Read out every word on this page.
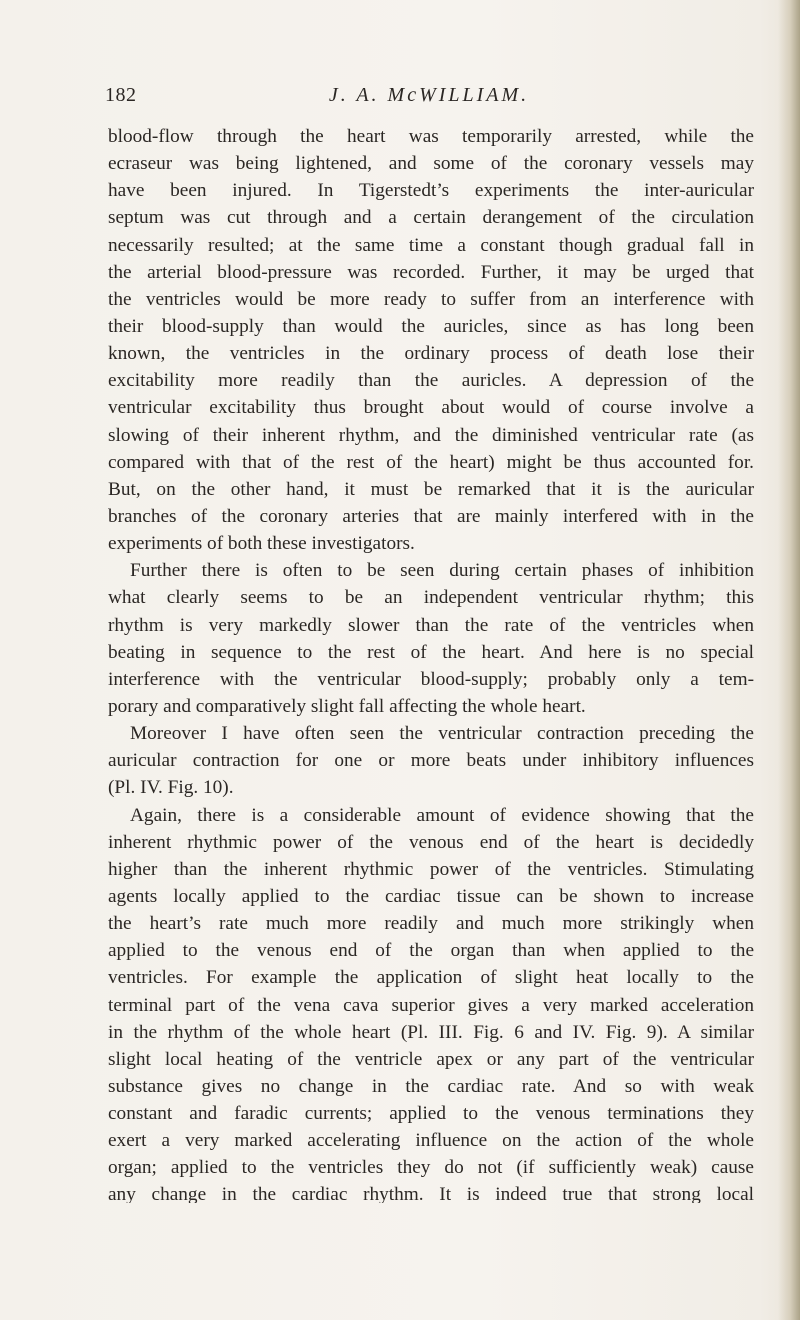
182	J. A. McWILLIAM.
blood-flow through the heart was temporarily arrested, while the
ecraseur was being lightened, and some of the coronary vessels may
have been injured. In Tigerstedt’s experiments the inter-auricular
septum was cut through and a certain derangement of the circulation
necessarily resulted; at the same time a constant though gradual fall in
the arterial blood-pressure was recorded. Further, it may be urged that
the ventricles would be more ready to suffer from an interference with
their blood-supply than would the auricles, since as has long been
known, the ventricles in the ordinary process of death lose their
excitability more readily than the auricles. A depression of the
ventricular excitability thus brought about would of course involve a
slowing of their inherent rhythm, and the diminished ventricular rate (as
compared with that of the rest of the heart) might be thus accounted for.
But, on the other hand, it must be remarked that it is the auricular
branches of the coronary arteries that are mainly interfered with in the
experiments of both these investigators.
Further there is often to be seen during certain phases of inhibition
what clearly seems to be an independent ventricular rhythm; this
rhythm is very markedly slower than the rate of the ventricles when
beating in sequence to the rest of the heart. And here is no special
interference with the ventricular blood-supply; probably only a tem-
porary and comparatively slight fall affecting the whole heart.
Moreover I have often seen the ventricular contraction preceding the
auricular contraction for one or more beats under inhibitory influences
(Pl. IV. Fig. 10).
Again, there is a considerable amount of evidence showing that the
inherent rhythmic power of the venous end of the heart is decidedly
higher than the inherent rhythmic power of the ventricles. Stimulating
agents locally applied to the cardiac tissue can be shown to increase
the heart’s rate much more readily and much more strikingly when
applied to the venous end of the organ than when applied to the
ventricles. For example the application of slight heat locally to the
terminal part of the vena cava superior gives a very marked acceleration
in the rhythm of the whole heart (Pl. III. Fig. 6 and IV. Fig. 9). A similar
slight local heating of the ventricle apex or any part of the ventricular
substance gives no change in the cardiac rate. And so with weak
constant and faradic currents; applied to the venous terminations they
exert a very marked accelerating influence on the action of the whole
organ; applied to the ventricles they do not (if sufficiently weak) cause
any change in the cardiac rhythm. It is indeed true that strong local
